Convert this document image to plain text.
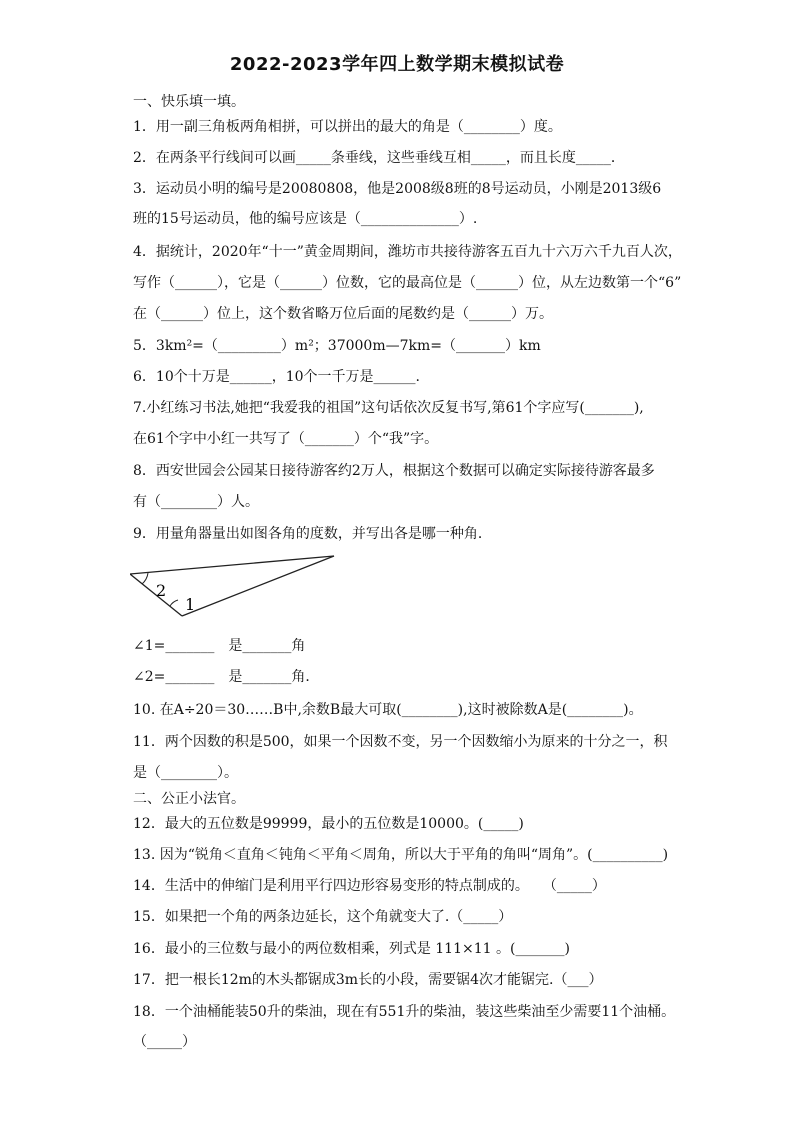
2022-2023学年四上数学期末模拟试卷
一、快乐填一填。
1．用一副三角板两角相拼，可以拼出的最大的角是（________）度。
2．在两条平行线间可以画_____条垂线，这些垂线互相_____，而且长度_____．
3．运动员小明的编号是20080808，他是2008级8班的8号运动员，小刚是2013级6
班的15号运动员，他的编号应该是（______________）.
4．据统计，2020年“十一”黄金周期间，潍坊市共接待游客五百九十六万六千九百人次，
写作（______），它是（______）位数，它的最高位是（______）位，从左边数第一个“6”
在（______）位上，这个数省略万位后面的尾数约是（______）万。
5．3km²=（_________）m²；37000m—7km=（_______）km
6．10个十万是______，10个一千万是______.
7.小红练习书法,她把“我爱我的祖国”这句话依次反复书写,第61个字应写(_______),
在61个字中小红一共写了（_______）个“我”字。
8．西安世园会公园某日接待游客约2万人，根据这个数据可以确定实际接待游客最多
有（________）人。
9．用量角器量出如图各角的度数，并写出各是哪一种角．
2
1
∠1=_______　是_______角
∠2=_______　是_______角．
10. 在A÷20＝30……B中,余数B最大可取(________),这时被除数A是(________)。
11．两个因数的积是500，如果一个因数不变，另一个因数缩小为原来的十分之一，积
是（________）。
二、公正小法官。
12．最大的五位数是99999，最小的五位数是10000。(_____)
13. 因为“锐角＜直角＜钝角＜平角＜周角，所以大于平角的角叫“周角”。(__________)
14．生活中的伸缩门是利用平行四边形容易变形的特点制成的。　　（_____）
15．如果把一个角的两条边延长，这个角就变大了.（_____）
16．最小的三位数与最小的两位数相乘，列式是 111×11 。(_______)
17．把一根长12m的木头都锯成3m长的小段，需要锯4次才能锯完.（___）
18．一个油桶能装50升的柴油，现在有551升的柴油，装这些柴油至少需要11个油桶。
（_____）
